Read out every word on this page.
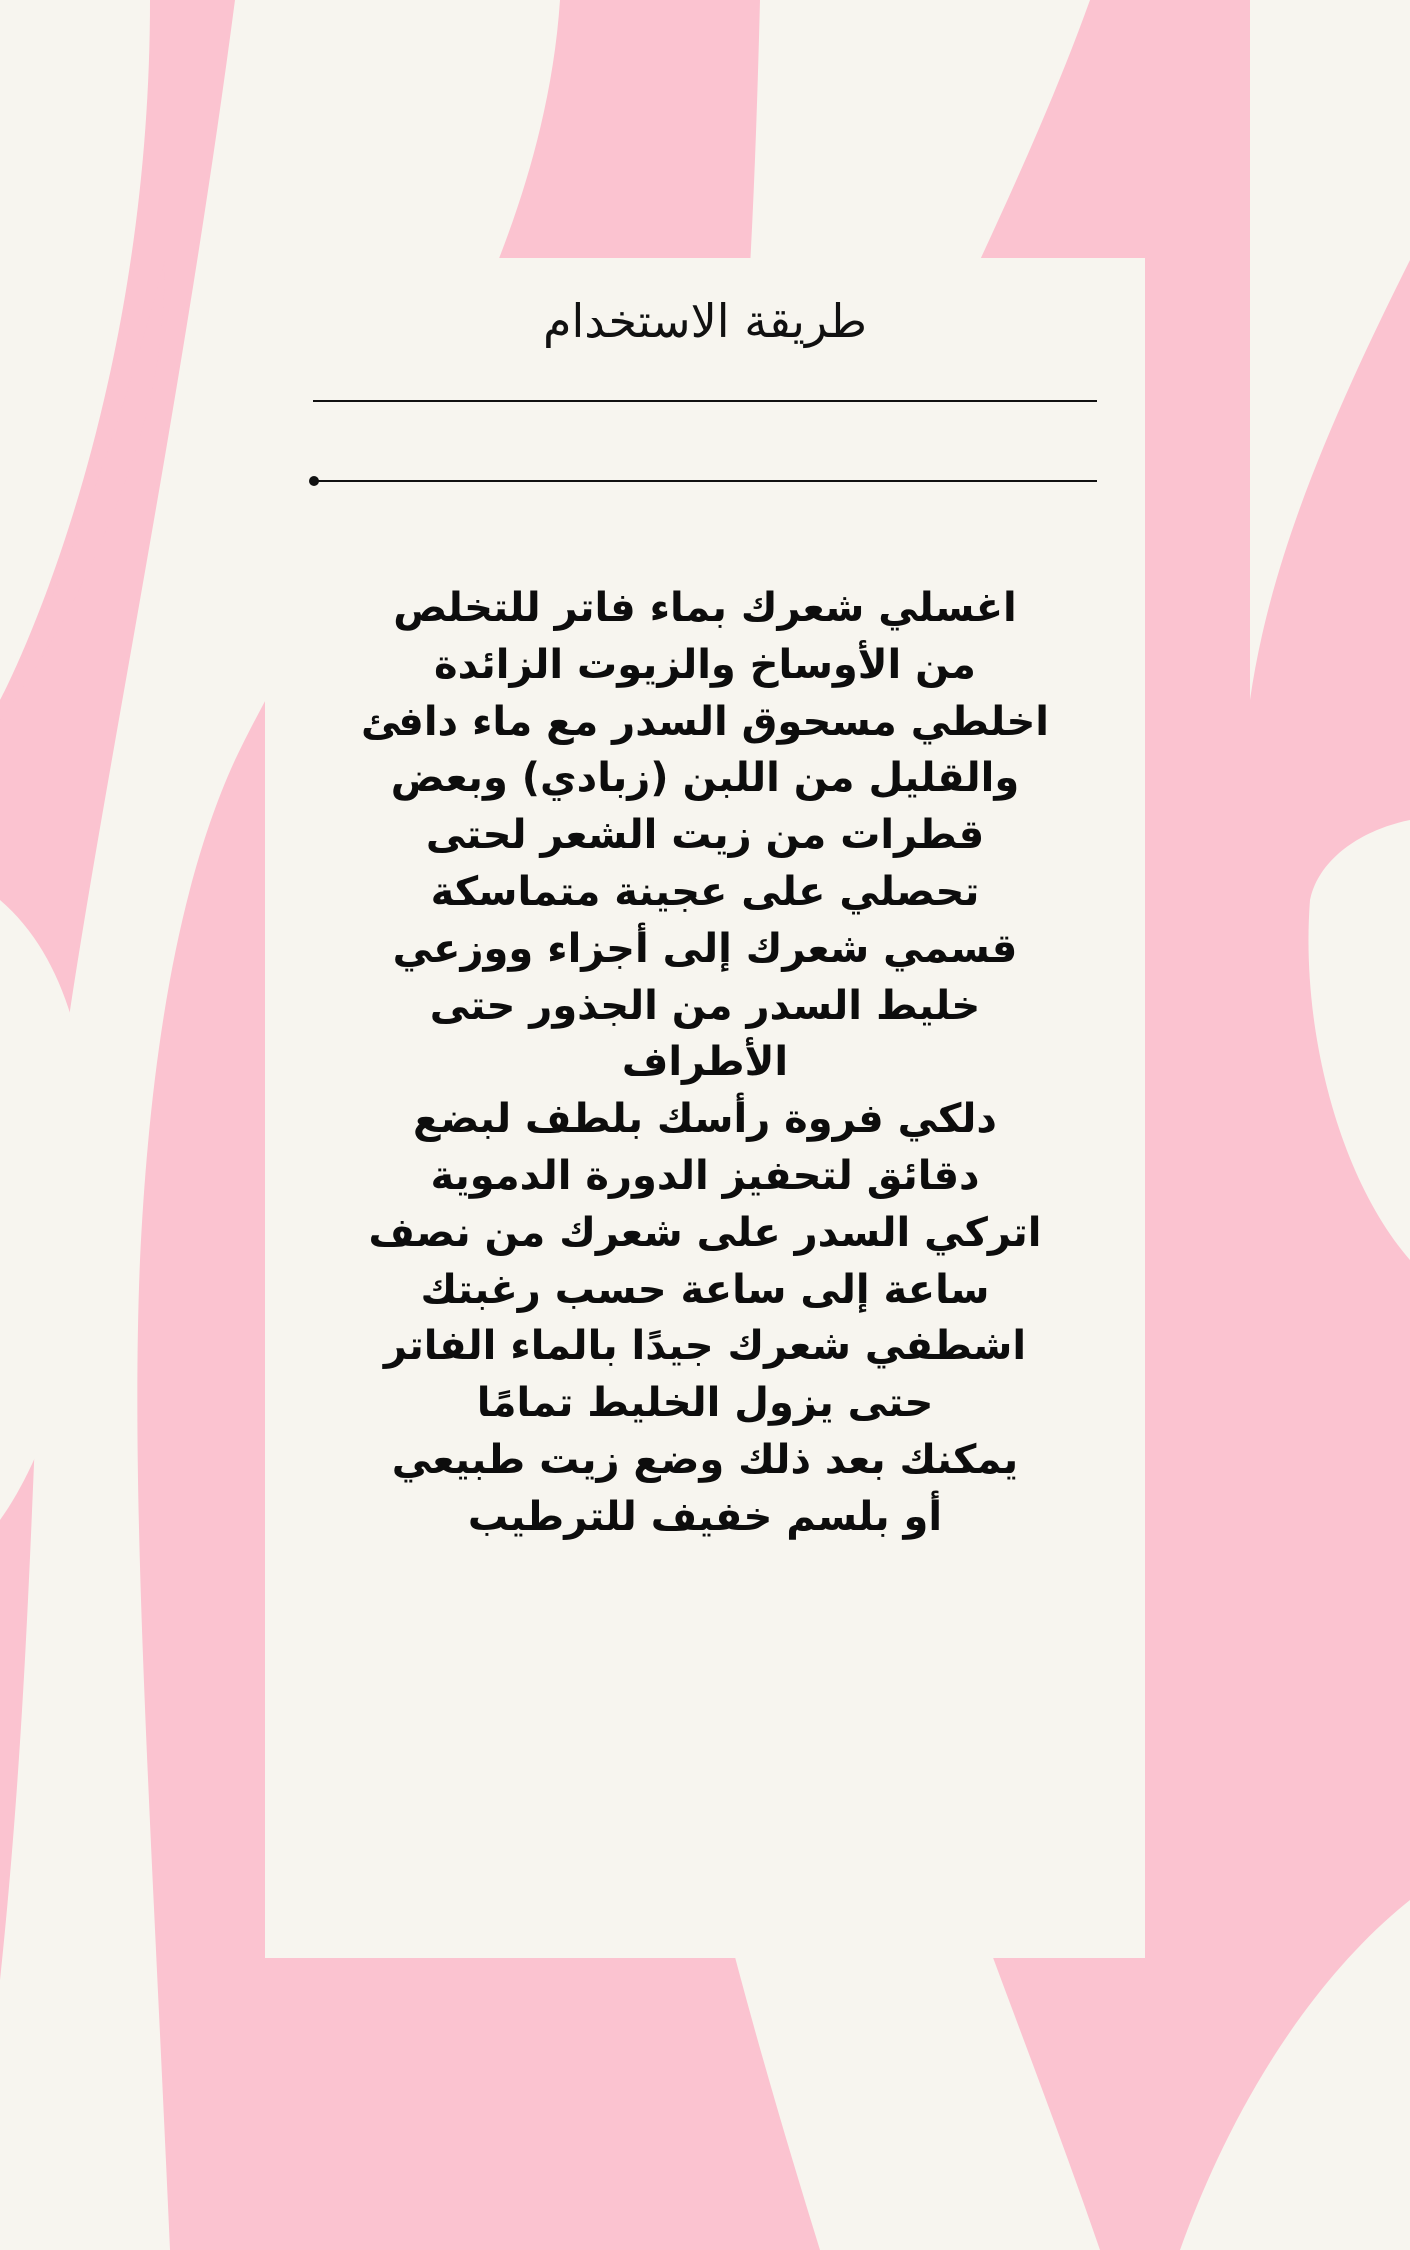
طريقة الاستخدام

اغسلي شعرك بماء فاتر للتخلص

من الأوساخ والزيوت الزائدة

اخلطي مسحوق السدر مع ماء دافئ

والقليل من اللبن (زبادي) وبعض

قطرات من زيت الشعر لحتى

تحصلي على عجينة متماسكة

قسمي شعرك إلى أجزاء ووزعي

خليط السدر من الجذور حتى

الأطراف

دلكي فروة رأسك بلطف لبضع

دقائق لتحفيز الدورة الدموية

اتركي السدر على شعرك من نصف

ساعة إلى ساعة حسب رغبتك

اشطفي شعرك جيدًا بالماء الفاتر

حتى يزول الخليط تمامًا

يمكنك بعد ذلك وضع زيت طبيعي

أو بلسم خفيف للترطيب
